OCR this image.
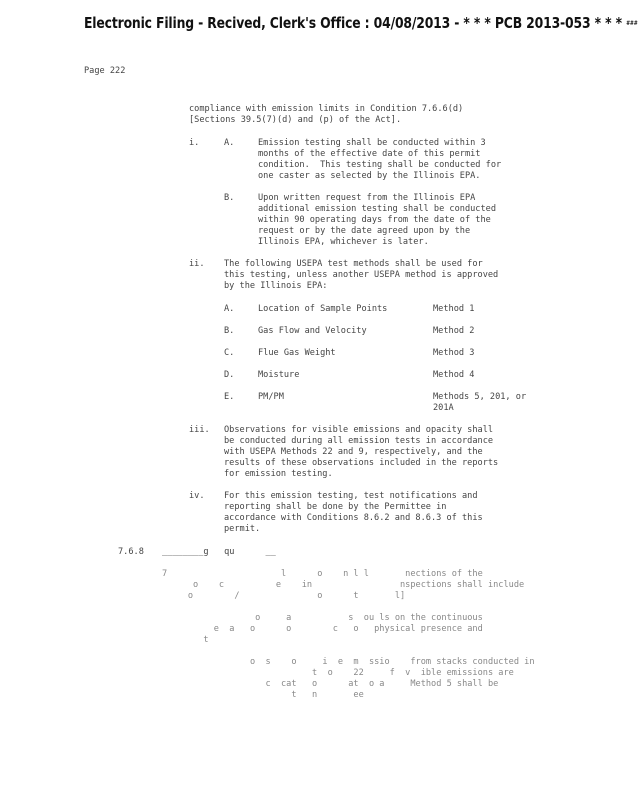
Electronic Filing - Recived, Clerk's Office : 04/08/2013 - * * * PCB 2013-053 * * * ###
Page 222
compliance with emission limits in Condition 7.6.6(d)
[Sections 39.5(7)(d) and (p) of the Act].
i.	A.	Emission testing shall be conducted within 3
months of the effective date of this permit
condition.  This testing shall be conducted for
one caster as selected by the Illinois EPA.
B.	Upon written request from the Illinois EPA
additional emission testing shall be conducted
within 90 operating days from the date of the
request or by the date agreed upon by the
Illinois EPA, whichever is later.
ii. The following USEPA test methods shall be used for
this testing, unless another USEPA method is approved
by the Illinois EPA:
A.	Location of Sample Points	Method 1
B.	Gas Flow and Velocity	Method 2
C.	Flue Gas Weight	Method 3
D.	Moisture	Method 4
E.	PM/PM	Methods 5, 201, or
201A
iii. Observations for visible emissions and opacity shall
be conducted during all emission tests in accordance
with USEPA Methods 22 and 9, respectively, and the
results of these observations included in the reports
for emission testing.
iv. For this emission testing, test notifications and
reporting shall be done by the Permittee in
accordance with Conditions 8.6.2 and 8.6.3 of this
permit.
7.6.8 ________g   qu      __
7                      l      o    n l l       nections of the
o    c          e    in                 nspections shall include
o        /               o      t       l]
o     a           s  ou ls on the continuous
e  a   o      o        c   o   physical presence and
t
o  s    o     i  e  m  ssio    from stacks conducted in
t  o    22     f  v  ible emissions are
c  cat   o      at  o a     Method 5 shall be
t   n       ee
